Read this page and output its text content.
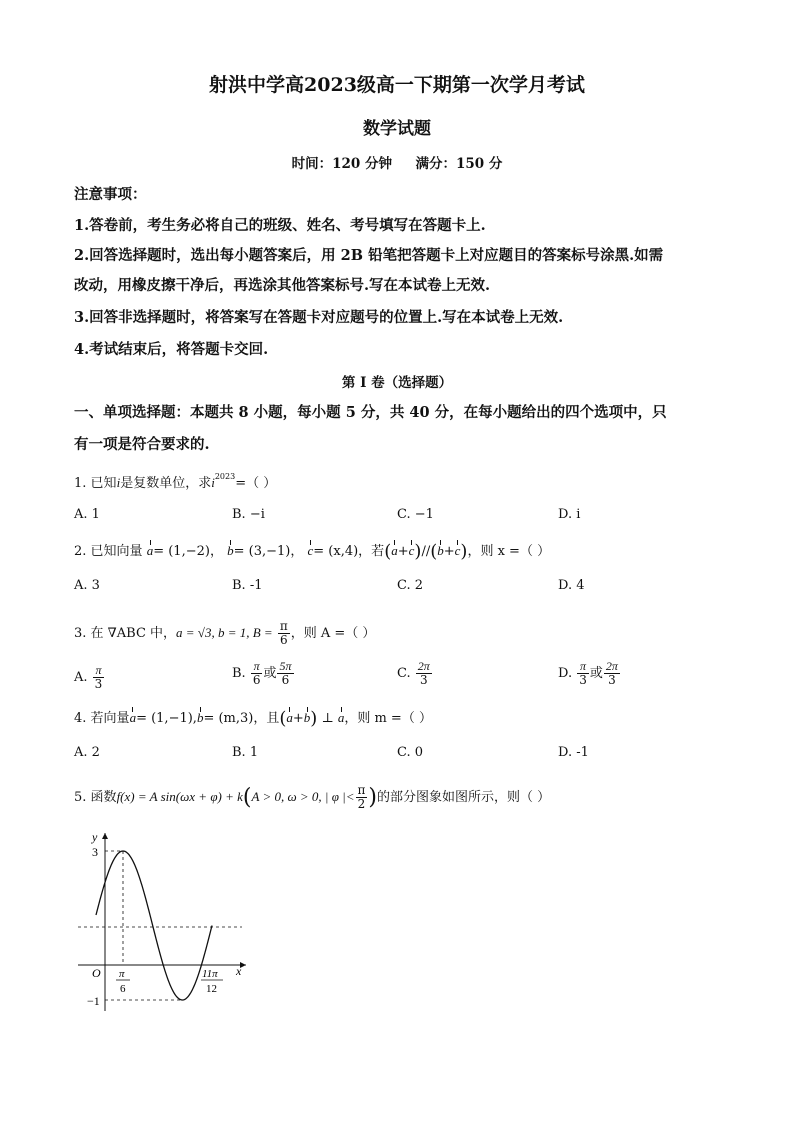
射洪中学高2023级高一下期第一次学月考试
数学试题
时间：120 分钟     满分：150 分
注意事项：
1.答卷前，考生务必将自己的班级、姓名、考号填写在答题卡上.
2.回答选择题时，选出每小题答案后，用 2B 铅笔把答题卡上对应题目的答案标号涂黑.如需
改动，用橡皮擦干净后，再选涂其他答案标号.写在本试卷上无效.
3.回答非选择题时，将答案写在答题卡对应题号的位置上.写在本试卷上无效.
4.考试结束后，将答题卡交回.
第 I 卷（选择题）
一、单项选择题：本题共 8 小题，每小题 5 分，共 40 分，在每小题给出的四个选项中，只
有一项是符合要求的.
1. 已知i是复数单位，求$i^{2023}=$（ ）
A. 1	B. −i	C. −1	D. i
2. 已知向量 a= (1,−2)， b= (3,−1)， c= (x,4)，若(a+c)//(b+c)，则 x =（ ）
A. 3	B. -1	C. 2	D. 4
3. 在 ∇ABC 中，a = √3, b = 1, $B = \frac{\pi}{6}$ ，则 A =（ ）
A. $\frac{\pi}{3}$	B. $\frac{\pi}{6}$ 或 $\frac{5\pi}{6}$	C. $\frac{2\pi}{3}$	D. $\frac{\pi}{3}$ 或 $\frac{2\pi}{3}$
4. 若向量a= (1,−1),b= (m,3)，且(a+b) ⊥ a，则 m =（ ）
A. 2	B. 1	C. 0	D. -1
5. 函数f(x) = A sin(ωx + φ) + k(A > 0, ω > 0, | φ |< $\frac{\pi}{2}$ )的部分图象如图所示，则（ ）
y
x
O
3
−1
π
6
11π
12
